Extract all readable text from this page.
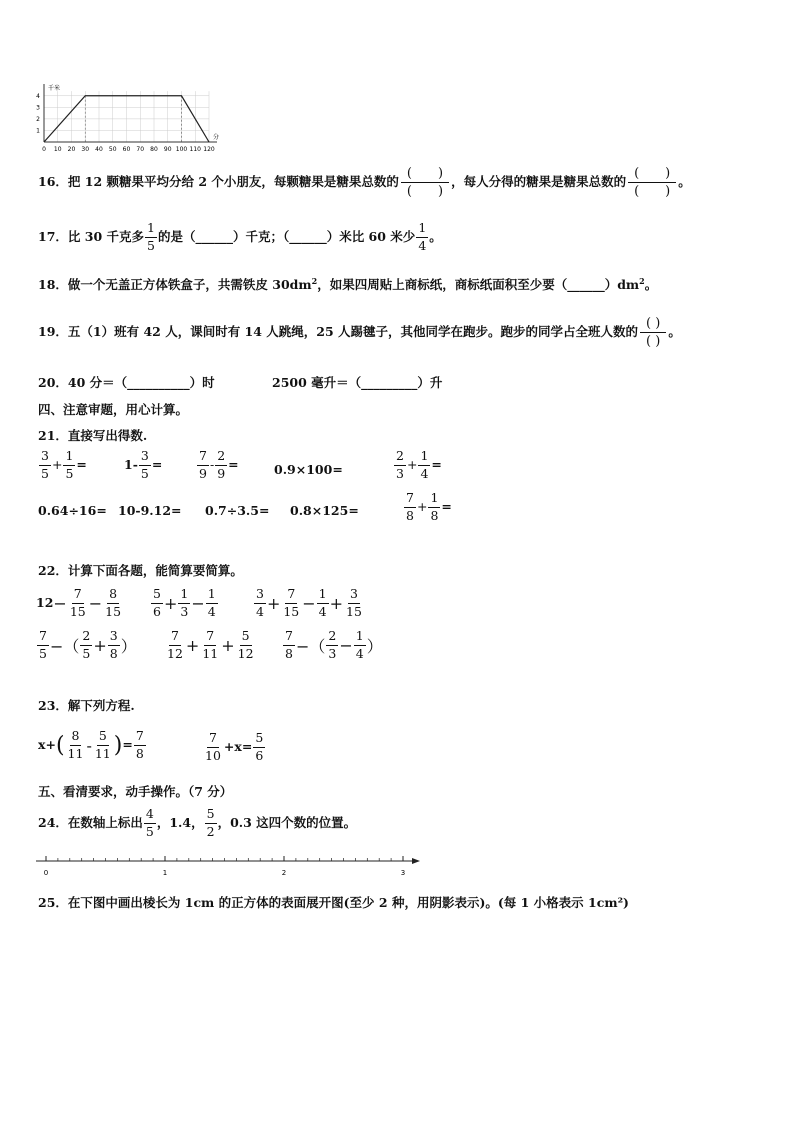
0 10 20 30 40 50 60 70 80 90 100 110 120
1
2
3
4
千米
分
16．把 12 颗糖果平均分给 2 个小朋友，每颗糖果是糖果总数的
(　　)
(　　)
，每人分得的糖果是糖果总数的
(　　)
(　　)
。
17．比 30 千克多 $\frac{1}{5}$ 的是（______）千克；（______）米比 60 米少 $\frac{1}{4}$ 。
18．做一个无盖正方体铁盒子，共需铁皮 $30dm^2$，如果四周贴上商标纸，商标纸面积至少要$(\_\_\_\_\_\_)dm^2$。
19．五（1）班有 42 人，课间时有 14 人跳绳，25 人踢毽子，其他同学在跑步。跑步的同学占全班人数的
( )
( )
。
20．40 分＝（__________）时	2500 毫升＝（_________）升
四、注意审题，用心计算。
21．直接写出得数.
$\frac{3}{5} + \frac{1}{5}$ =	$1- \frac{3}{5}$ =	$\frac{7}{9} - \frac{2}{9}$ =	0.9×100=	$\frac{2}{3} + \frac{1}{4}$ =
0.64÷16= 10-9.12= 0.7÷3.5= 0.8×125=	$\frac{7}{8} + \frac{1}{8}$ =
22．计算下面各题，能简算要简算。
$12 - \frac{7}{15} - \frac{8}{15} \frac{5}{6} + \frac{1}{3} - \frac{1}{4}$	$\frac{3}{4} + \frac{7}{15} - \frac{1}{4} + \frac{3}{15}$
$\frac{7}{5}$ −（ $\frac{2}{5} + \frac{3}{8}$ ） $\frac{7}{12} + \frac{7}{11} + \frac{5}{12} \frac{7}{8}$ −（ $\frac{2}{3} - \frac{1}{4}$ ）
23．解下列方程.
x+ ( $\frac{8}{11} - \frac{5}{11}$ ) = $\frac{7}{8}$	$\frac{7}{10} +x= \frac{5}{6}$
五、看清要求，动手操作。（7 分）
24．在数轴上标出 $\frac{4}{5}$ ，1.4， $\frac{5}{2}$ ，0.3 这四个数的位置。
0	1	2	3
25．在下图中画出棱长为 1cm 的正方体的表面展开图(至少 2 种，用阴影表示)。(每 1 小格表示 1cm²)
